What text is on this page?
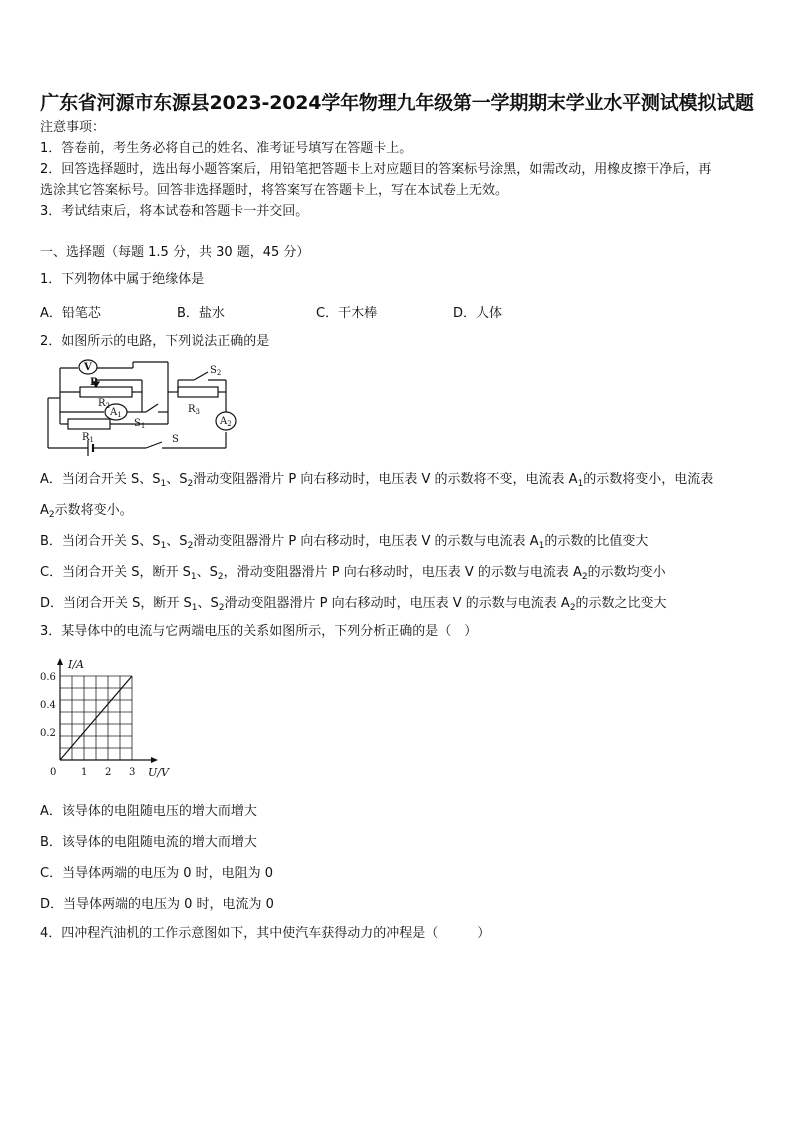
广东省河源市东源县2023-2024学年物理九年级第一学期期末学业水平测试模拟试题
注意事项：
1．答卷前，考生务必将自己的姓名、准考证号填写在答题卡上。
2．回答选择题时，选出每小题答案后，用铅笔把答题卡上对应题目的答案标号涂黑，如需改动，用橡皮擦干净后，再
选涂其它答案标号。回答非选择题时，将答案写在答题卡上，写在本试卷上无效。
3．考试结束后，将本试卷和答题卡一并交回。
一、选择题（每题 1.5 分，共 30 题，45 分）
1．下列物体中属于绝缘体是
A．铅笔芯	B．盐水	C．干木棒	D．人体
2．如图所示的电路，下列说法正确的是
V
P
$R_2$
$A_1$
$S_1$
$R_1$
$S_2$
$R_3$
$A_2$
S
A．当闭合开关 S、$S_1$、$S_2$滑动变阻器滑片 P 向右移动时，电压表 V 的示数将不变，电流表 $A_1$的示数将变小，电流表
$A_2$示数将变小。
B．当闭合开关 S、$S_1$、$S_2$滑动变阻器滑片 P 向右移动时，电压表 V 的示数与电流表 $A_1$的示数的比值变大
C．当闭合开关 S，断开 $S_1$、$S_2$，滑动变阻器滑片 P 向右移动时，电压表 V 的示数与电流表 $A_2$的示数均变小
D．当闭合开关 S，断开 $S_1$、$S_2$滑动变阻器滑片 P 向右移动时，电压表 V 的示数与电流表 $A_2$的示数之比变大
3．某导体中的电流与它两端电压的关系如图所示，下列分析正确的是（　）
0 1 2 3
0.2
0.4
0.6
U/V
I/A
A．该导体的电阻随电压的增大而增大
B．该导体的电阻随电流的增大而增大
C．当导体两端的电压为 0 时，电阻为 0
D．当导体两端的电压为 0 时，电流为 0
4．四冲程汽油机的工作示意图如下，其中使汽车获得动力的冲程是（　　　）
